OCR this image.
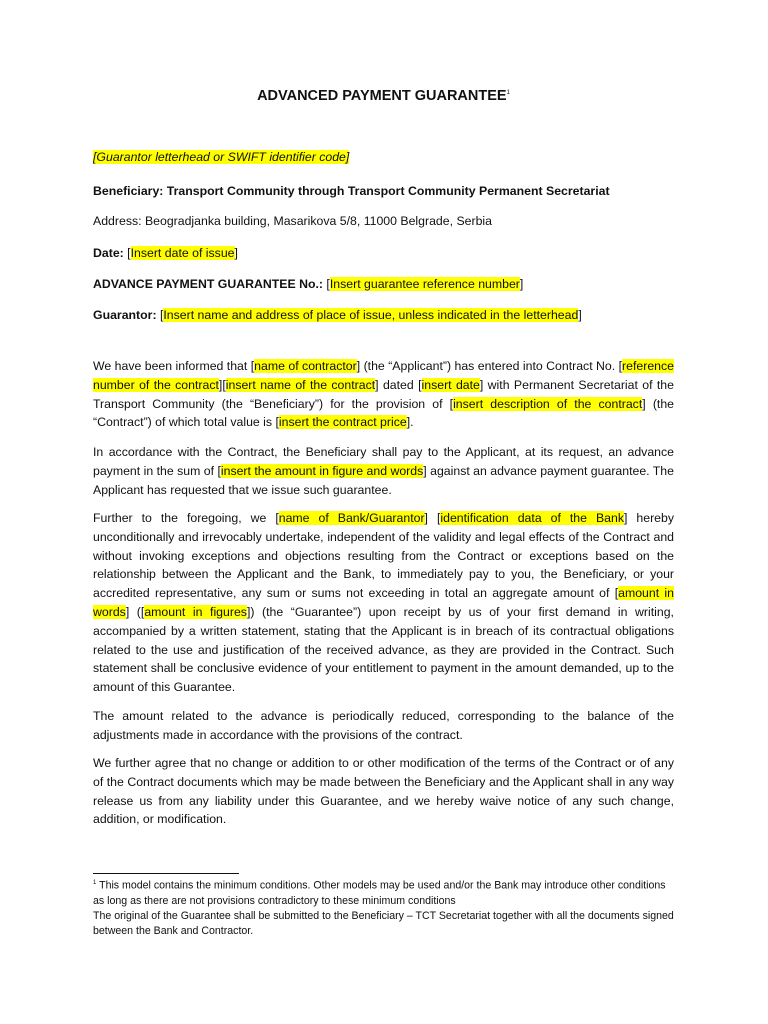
ADVANCED PAYMENT GUARANTEE$^1$
[Guarantor letterhead or SWIFT identifier code]
Beneficiary: Transport Community through Transport Community Permanent Secretariat
Address: Beogradjanka building, Masarikova 5/8, 11000 Belgrade, Serbia
Date: [Insert date of issue]
ADVANCE PAYMENT GUARANTEE No.: [Insert guarantee reference number]
Guarantor: [Insert name and address of place of issue, unless indicated in the letterhead]
We have been informed that [name of contractor] (the “Applicant”) has entered into Contract No. [reference number of the contract][insert name of the contract] dated [insert date] with Permanent Secretariat of the Transport Community (the “Beneficiary”) for the provision of [insert description of the contract] (the “Contract”) of which total value is [insert the contract price].
In accordance with the Contract, the Beneficiary shall pay to the Applicant, at its request, an advance payment in the sum of [insert the amount in figure and words] against an advance payment guarantee. The Applicant has requested that we issue such guarantee.
Further to the foregoing, we [name of Bank/Guarantor] [identification data of the Bank] hereby unconditionally and irrevocably undertake, independent of the validity and legal effects of the Contract and without invoking exceptions and objections resulting from the Contract or exceptions based on the relationship between the Applicant and the Bank, to immediately pay to you, the Beneficiary, or your accredited representative, any sum or sums not exceeding in total an aggregate amount of [amount in words] ([amount in figures]) (the “Guarantee”) upon receipt by us of your first demand in writing, accompanied by a written statement, stating that the Applicant is in breach of its contractual obligations related to the use and justification of the received advance, as they are provided in the Contract. Such statement shall be conclusive evidence of your entitlement to payment in the amount demanded, up to the amount of this Guarantee.
The amount related to the advance is periodically reduced, corresponding to the balance of the adjustments made in accordance with the provisions of the contract.
We further agree that no change or addition to or other modification of the terms of the Contract or of any of the Contract documents which may be made between the Beneficiary and the Applicant shall in any way release us from any liability under this Guarantee, and we hereby waive notice of any such change, addition, or modification.
$^1$ This model contains the minimum conditions. Other models may be used and/or the Bank may introduce other conditions as long as there are not provisions contradictory to these minimum conditions
The original of the Guarantee shall be submitted to the Beneficiary – TCT Secretariat together with all the documents signed between the Bank and Contractor.
